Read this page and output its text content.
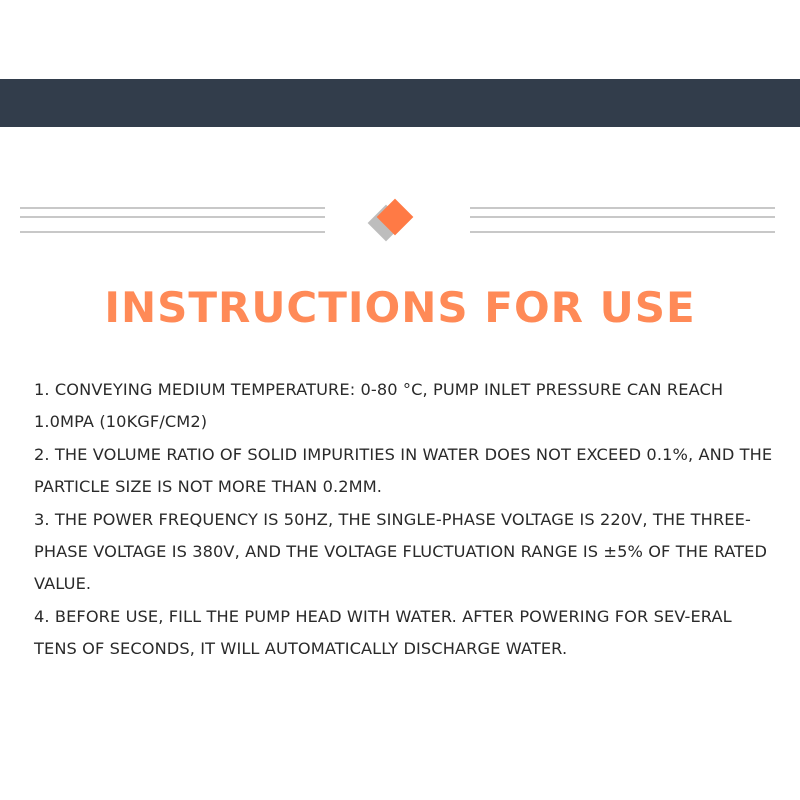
INSTRUCTIONS FOR USE

1. CONVEYING MEDIUM TEMPERATURE: 0-80 °C, PUMP INLET PRESSURE CAN REACH 1.0MPA (10KGF/CM2)

2. THE VOLUME RATIO OF SOLID IMPURITIES IN WATER DOES NOT EXCEED 0.1%, AND THE PARTICLE SIZE IS NOT MORE THAN 0.2MM.

3. THE POWER FREQUENCY IS 50HZ, THE SINGLE-PHASE VOLTAGE IS 220V, THE THREE-PHASE VOLTAGE IS 380V, AND THE VOLTAGE FLUCTUATION RANGE IS ±5% OF THE RATED VALUE.

4. BEFORE USE, FILL THE PUMP HEAD WITH WATER. AFTER POWERING FOR SEV-ERAL TENS OF SECONDS, IT WILL AUTOMATICALLY DISCHARGE WATER.
